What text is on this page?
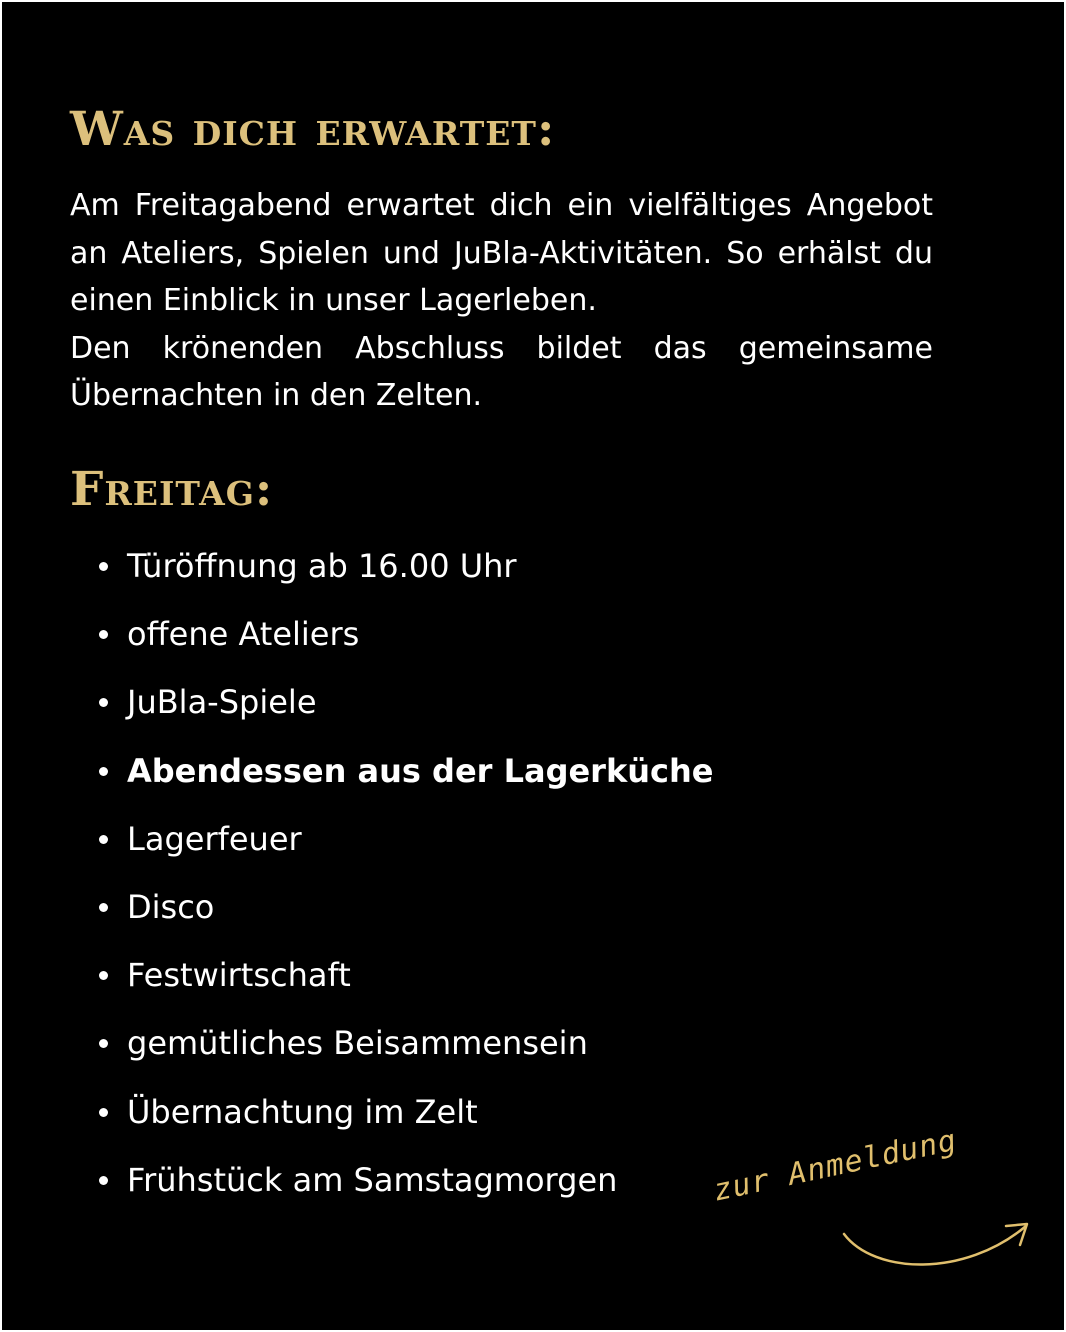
Was dich erwartet:

Am Freitagabend erwartet dich ein vielfältiges Angebot an Ateliers, Spielen und JuBla-Aktivitäten. So erhälst du einen Einblick in unser Lagerleben.

Den krönenden Abschluss bildet das gemeinsame Übernachten in den Zelten.

Freitag:
Türöffnung ab 16.00 Uhr
offene Ateliers
JuBla-Spiele
Abendessen aus der Lagerküche
Lagerfeuer
Disco
Festwirtschaft
gemütliches Beisammensein
Übernachtung im Zelt
Frühstück am Samstagmorgen	zur Anmeldung
